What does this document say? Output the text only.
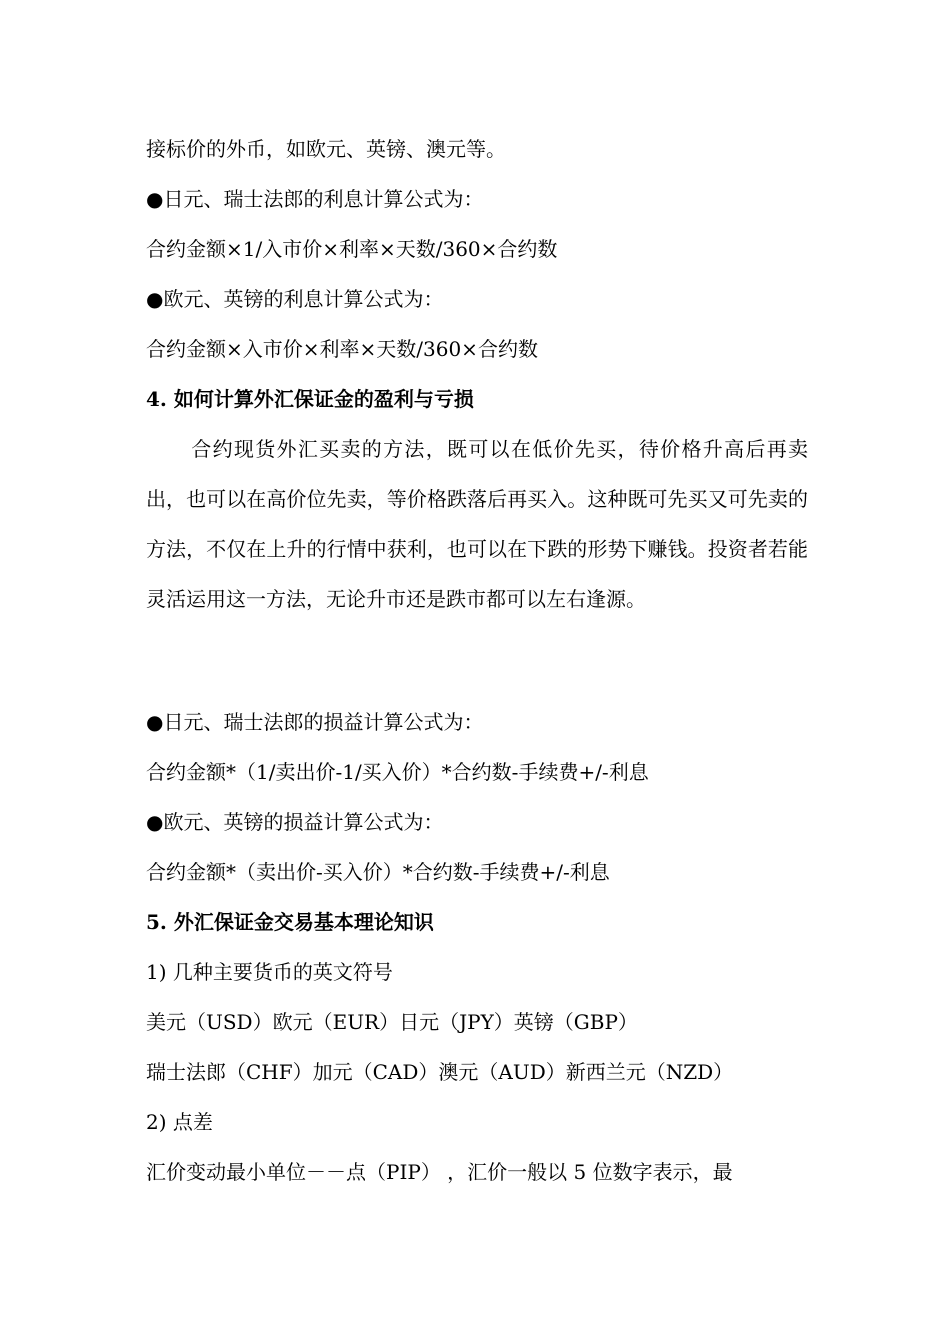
接标价的外币，如欧元、英镑、澳元等。
●日元、瑞士法郎的利息计算公式为：
合约金额×1/入市价×利率×天数/360×合约数
●欧元、英镑的利息计算公式为：
合约金额×入市价×利率×天数/360×合约数
4. 如何计算外汇保证金的盈利与亏损
合约现货外汇买卖的方法，既可以在低价先买，待价格升高后再卖出，也可以在高价位先卖，等价格跌落后再买入。这种既可先买又可先卖的方法，不仅在上升的行情中获利，也可以在下跌的形势下赚钱。投资者若能灵活运用这一方法，无论升市还是跌市都可以左右逢源。
●日元、瑞士法郎的损益计算公式为：
合约金额*（1/卖出价-1/买入价）*合约数-手续费+/-利息
●欧元、英镑的损益计算公式为：
合约金额*（卖出价-买入价）*合约数-手续费+/-利息
5. 外汇保证金交易基本理论知识
1) 几种主要货币的英文符号
美元（USD）欧元（EUR）日元（JPY）英镑（GBP）
瑞士法郎（CHF）加元（CAD）澳元（AUD）新西兰元（NZD）
2) 点差
汇价变动最小单位－－点（PIP） ，汇价一般以 5 位数字表示，最
